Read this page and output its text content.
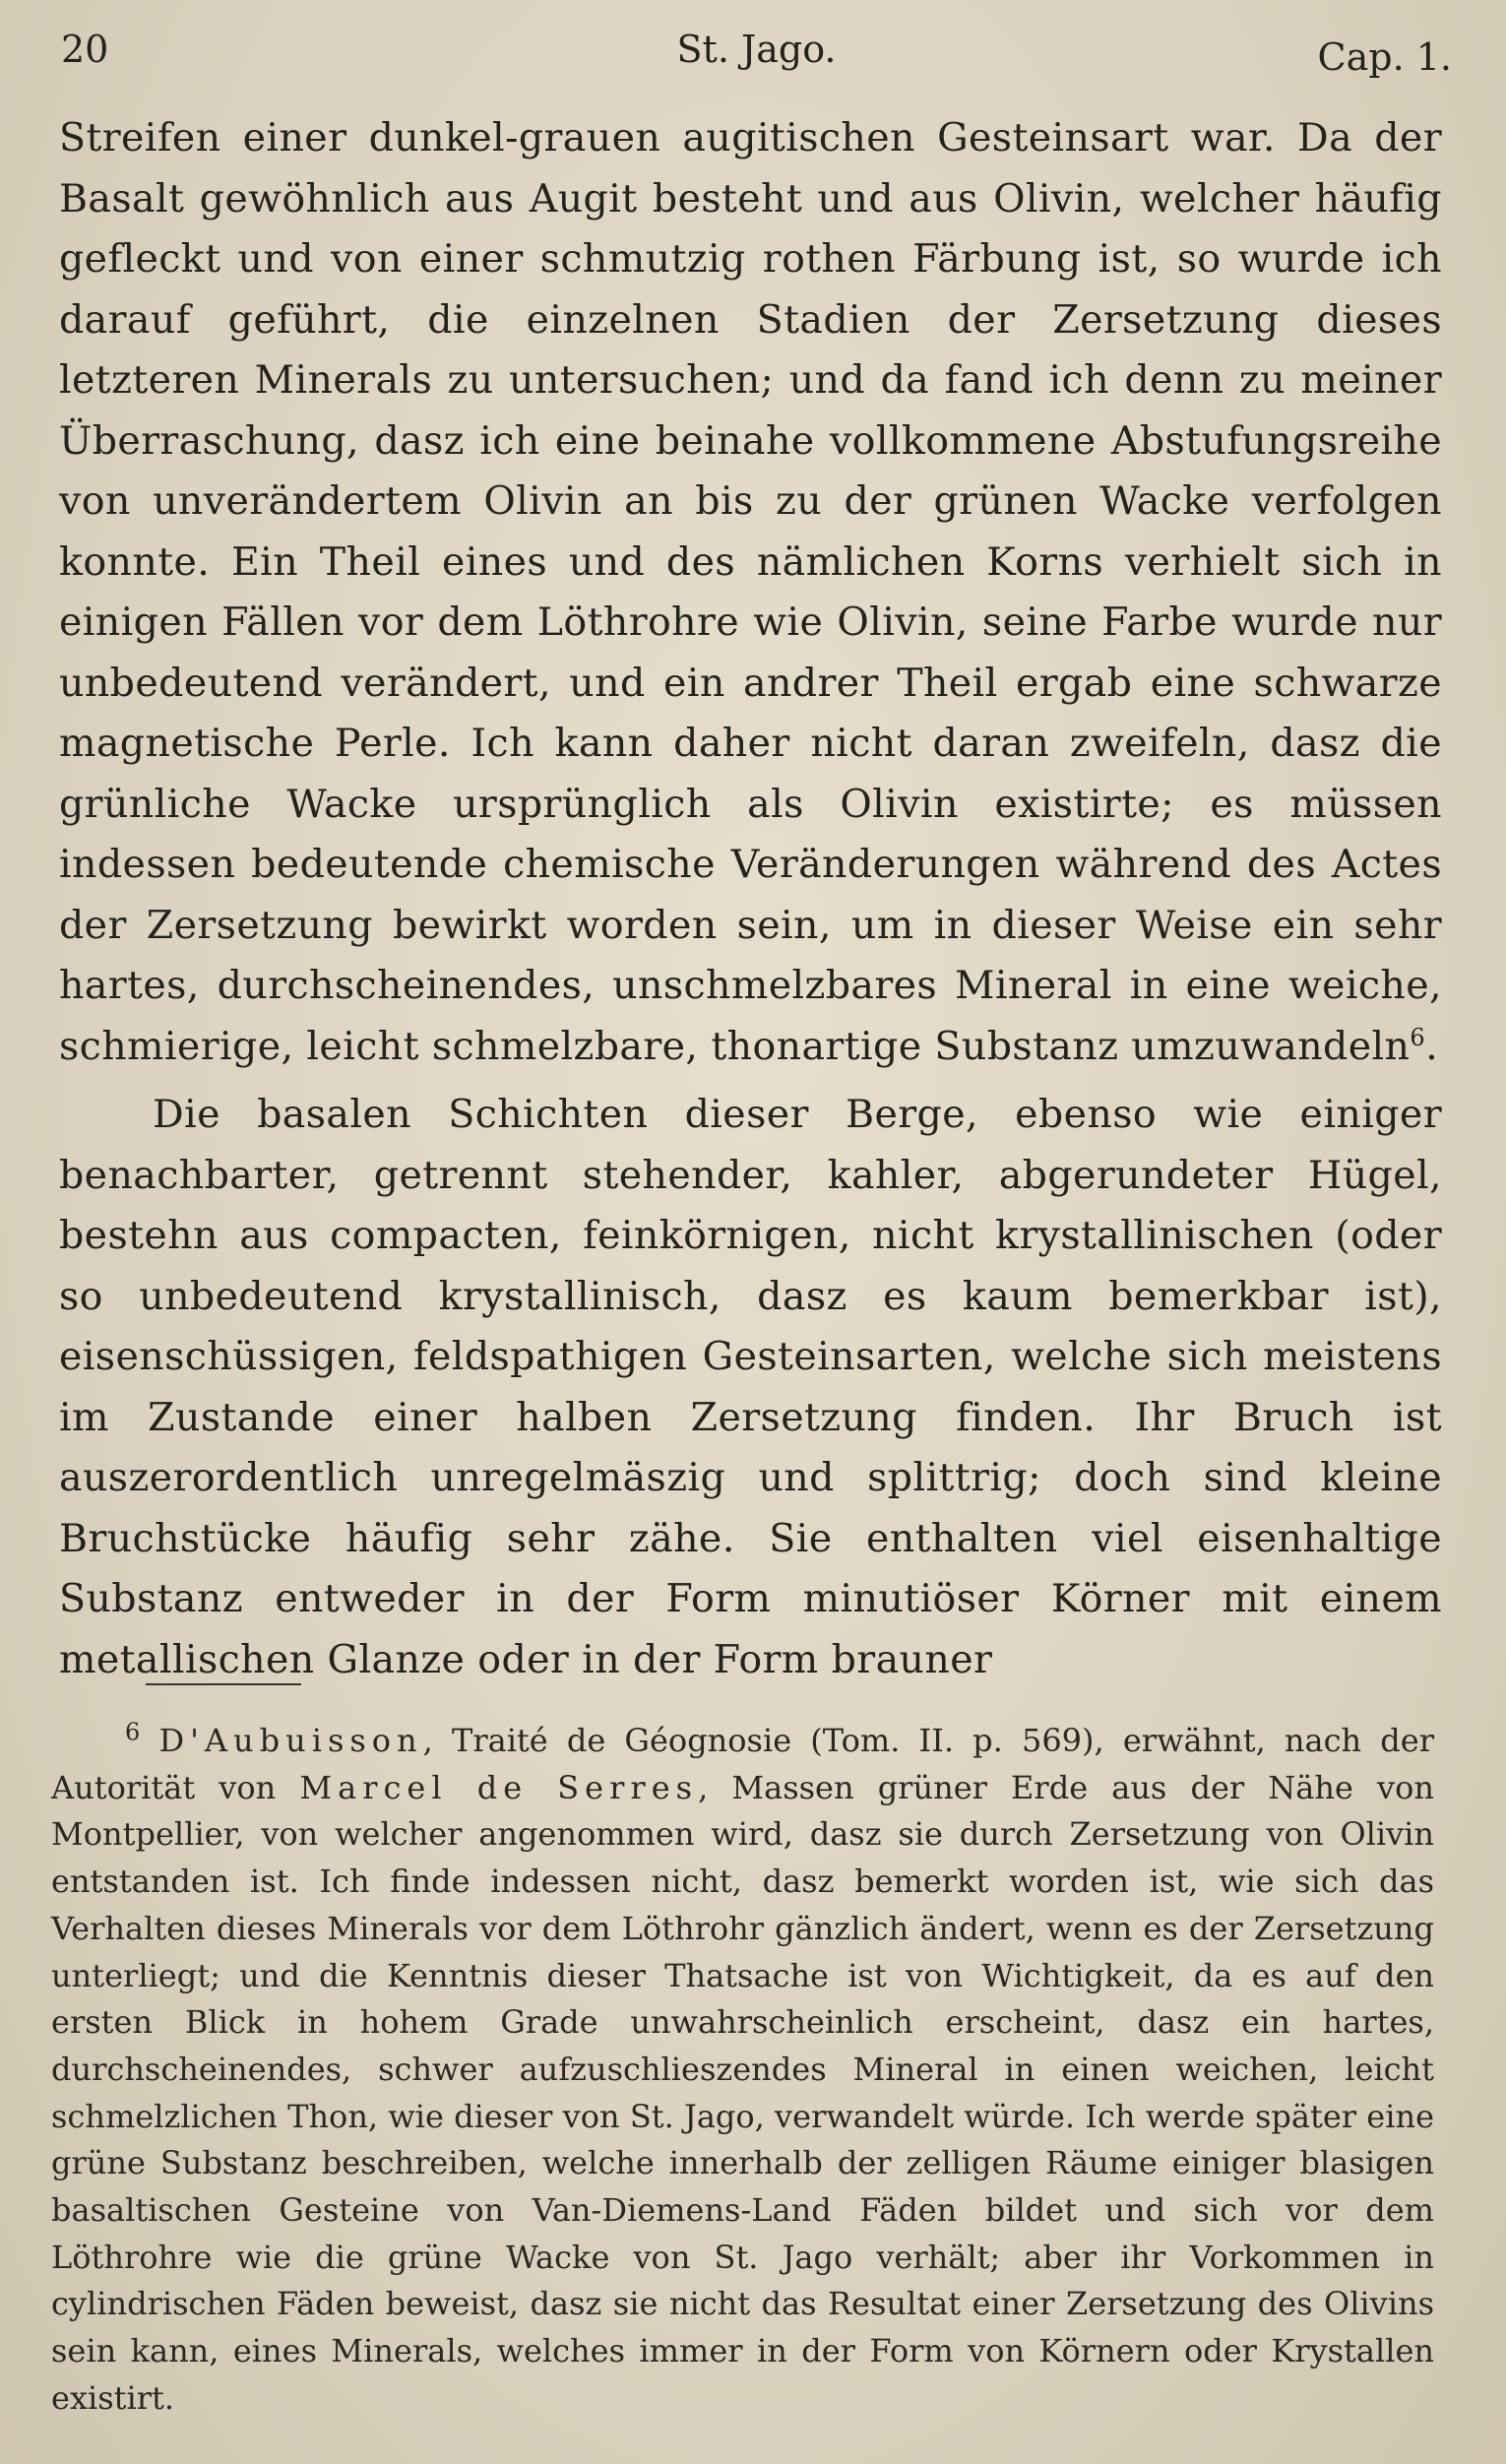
20	St. Jago.	Cap. 1.

Streifen einer dunkel-grauen augitischen Gesteinsart war. Da der Basalt gewöhnlich aus Augit besteht und aus Olivin, welcher häufig gefleckt und von einer schmutzig rothen Färbung ist, so wurde ich darauf geführt, die einzelnen Stadien der Zersetzung dieses letzteren Minerals zu untersuchen; und da fand ich denn zu meiner Überraschung, dasz ich eine beinahe vollkommene Abstufungsreihe von unverändertem Olivin an bis zu der grünen Wacke verfolgen konnte. Ein Theil eines und des nämlichen Korns verhielt sich in einigen Fällen vor dem Löthrohre wie Olivin, seine Farbe wurde nur unbedeutend verändert, und ein andrer Theil ergab eine schwarze magnetische Perle. Ich kann daher nicht daran zweifeln, dasz die grünliche Wacke ursprünglich als Olivin existirte; es müssen indessen bedeutende chemische Veränderungen während des Actes der Zersetzung bewirkt worden sein, um in dieser Weise ein sehr hartes, durchscheinendes, unschmelzbares Mineral in eine weiche, schmierige, leicht schmelzbare, thonartige Substanz umzuwandeln$^6$.

Die basalen Schichten dieser Berge, ebenso wie einiger benachbarter, getrennt stehender, kahler, abgerundeter Hügel, bestehn aus compacten, feinkörnigen, nicht krystallinischen (oder so unbedeutend krystallinisch, dasz es kaum bemerkbar ist), eisenschüssigen, feldspathigen Gesteinsarten, welche sich meistens im Zustande einer halben Zersetzung finden. Ihr Bruch ist auszerordentlich unregelmäszig und splittrig; doch sind kleine Bruchstücke häufig sehr zähe. Sie enthalten viel eisenhaltige Substanz entweder in der Form minutiöser Körner mit einem metallischen Glanze oder in der Form brauner

$^6$ D'Aubuisson, Traité de Géognosie (Tom. II. p. 569), erwähnt, nach der Autorität von Marcel de Serres, Massen grüner Erde aus der Nähe von Montpellier, von welcher angenommen wird, dasz sie durch Zersetzung von Olivin entstanden ist. Ich finde indessen nicht, dasz bemerkt worden ist, wie sich das Verhalten dieses Minerals vor dem Löthrohr gänzlich ändert, wenn es der Zersetzung unterliegt; und die Kenntnis dieser Thatsache ist von Wichtigkeit, da es auf den ersten Blick in hohem Grade unwahrscheinlich erscheint, dasz ein hartes, durchscheinendes, schwer aufzuschlieszendes Mineral in einen weichen, leicht schmelzlichen Thon, wie dieser von St. Jago, verwandelt würde. Ich werde später eine grüne Substanz beschreiben, welche innerhalb der zelligen Räume einiger blasigen basaltischen Gesteine von Van-Diemens-Land Fäden bildet und sich vor dem Löthrohre wie die grüne Wacke von St. Jago verhält; aber ihr Vorkommen in cylindrischen Fäden beweist, dasz sie nicht das Resultat einer Zersetzung des Olivins sein kann, eines Minerals, welches immer in der Form von Körnern oder Krystallen existirt.
